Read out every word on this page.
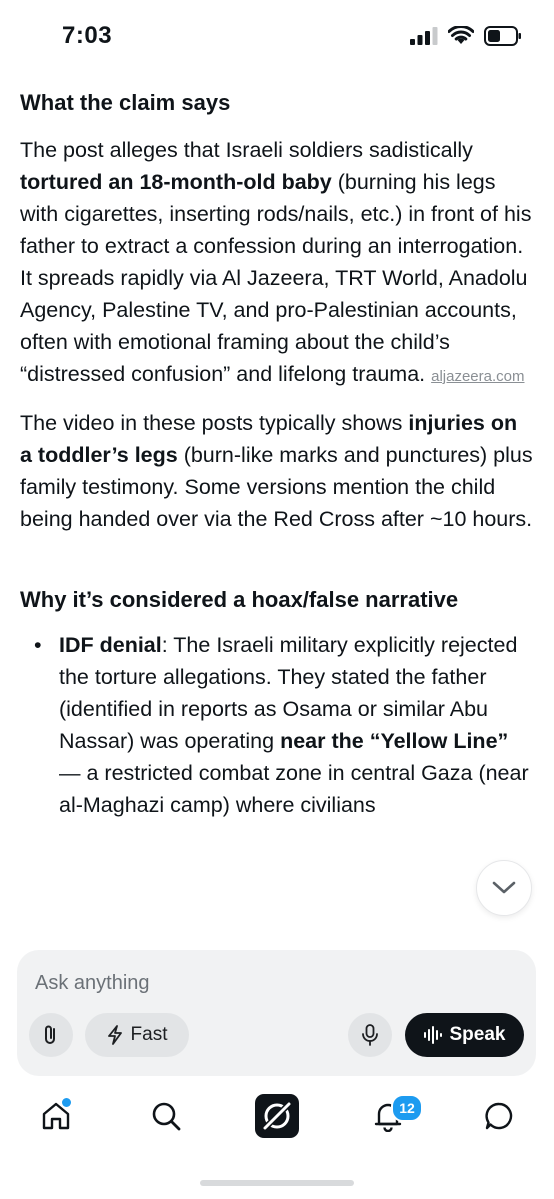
7:03
What the claim says

The post alleges that Israeli soldiers sadistically tortured an 18-month-old baby (burning his legs with cigarettes, inserting rods/nails, etc.) in front of his father to extract a confession during an interrogation. It spreads rapidly via Al Jazeera, TRT World, Anadolu Agency, Palestine TV, and pro-Palestinian accounts, often with emotional framing about the child’s “distressed confusion” and lifelong trauma. aljazeera.com

The video in these posts typically shows injuries on a toddler’s legs (burn-like marks and punctures) plus family testimony. Some versions mention the child being handed over via the Red Cross after ~10 hours.

Why it’s considered a hoax/false narrative
• IDF denial: The Israeli military explicitly rejected the torture allegations. They stated the father (identified in reports as Osama or similar Abu Nassar) was operating near the “Yellow Line” — a restricted combat zone in central Gaza (near al-Maghazi camp) where civilians
Ask anything
Fast	Speak
12
